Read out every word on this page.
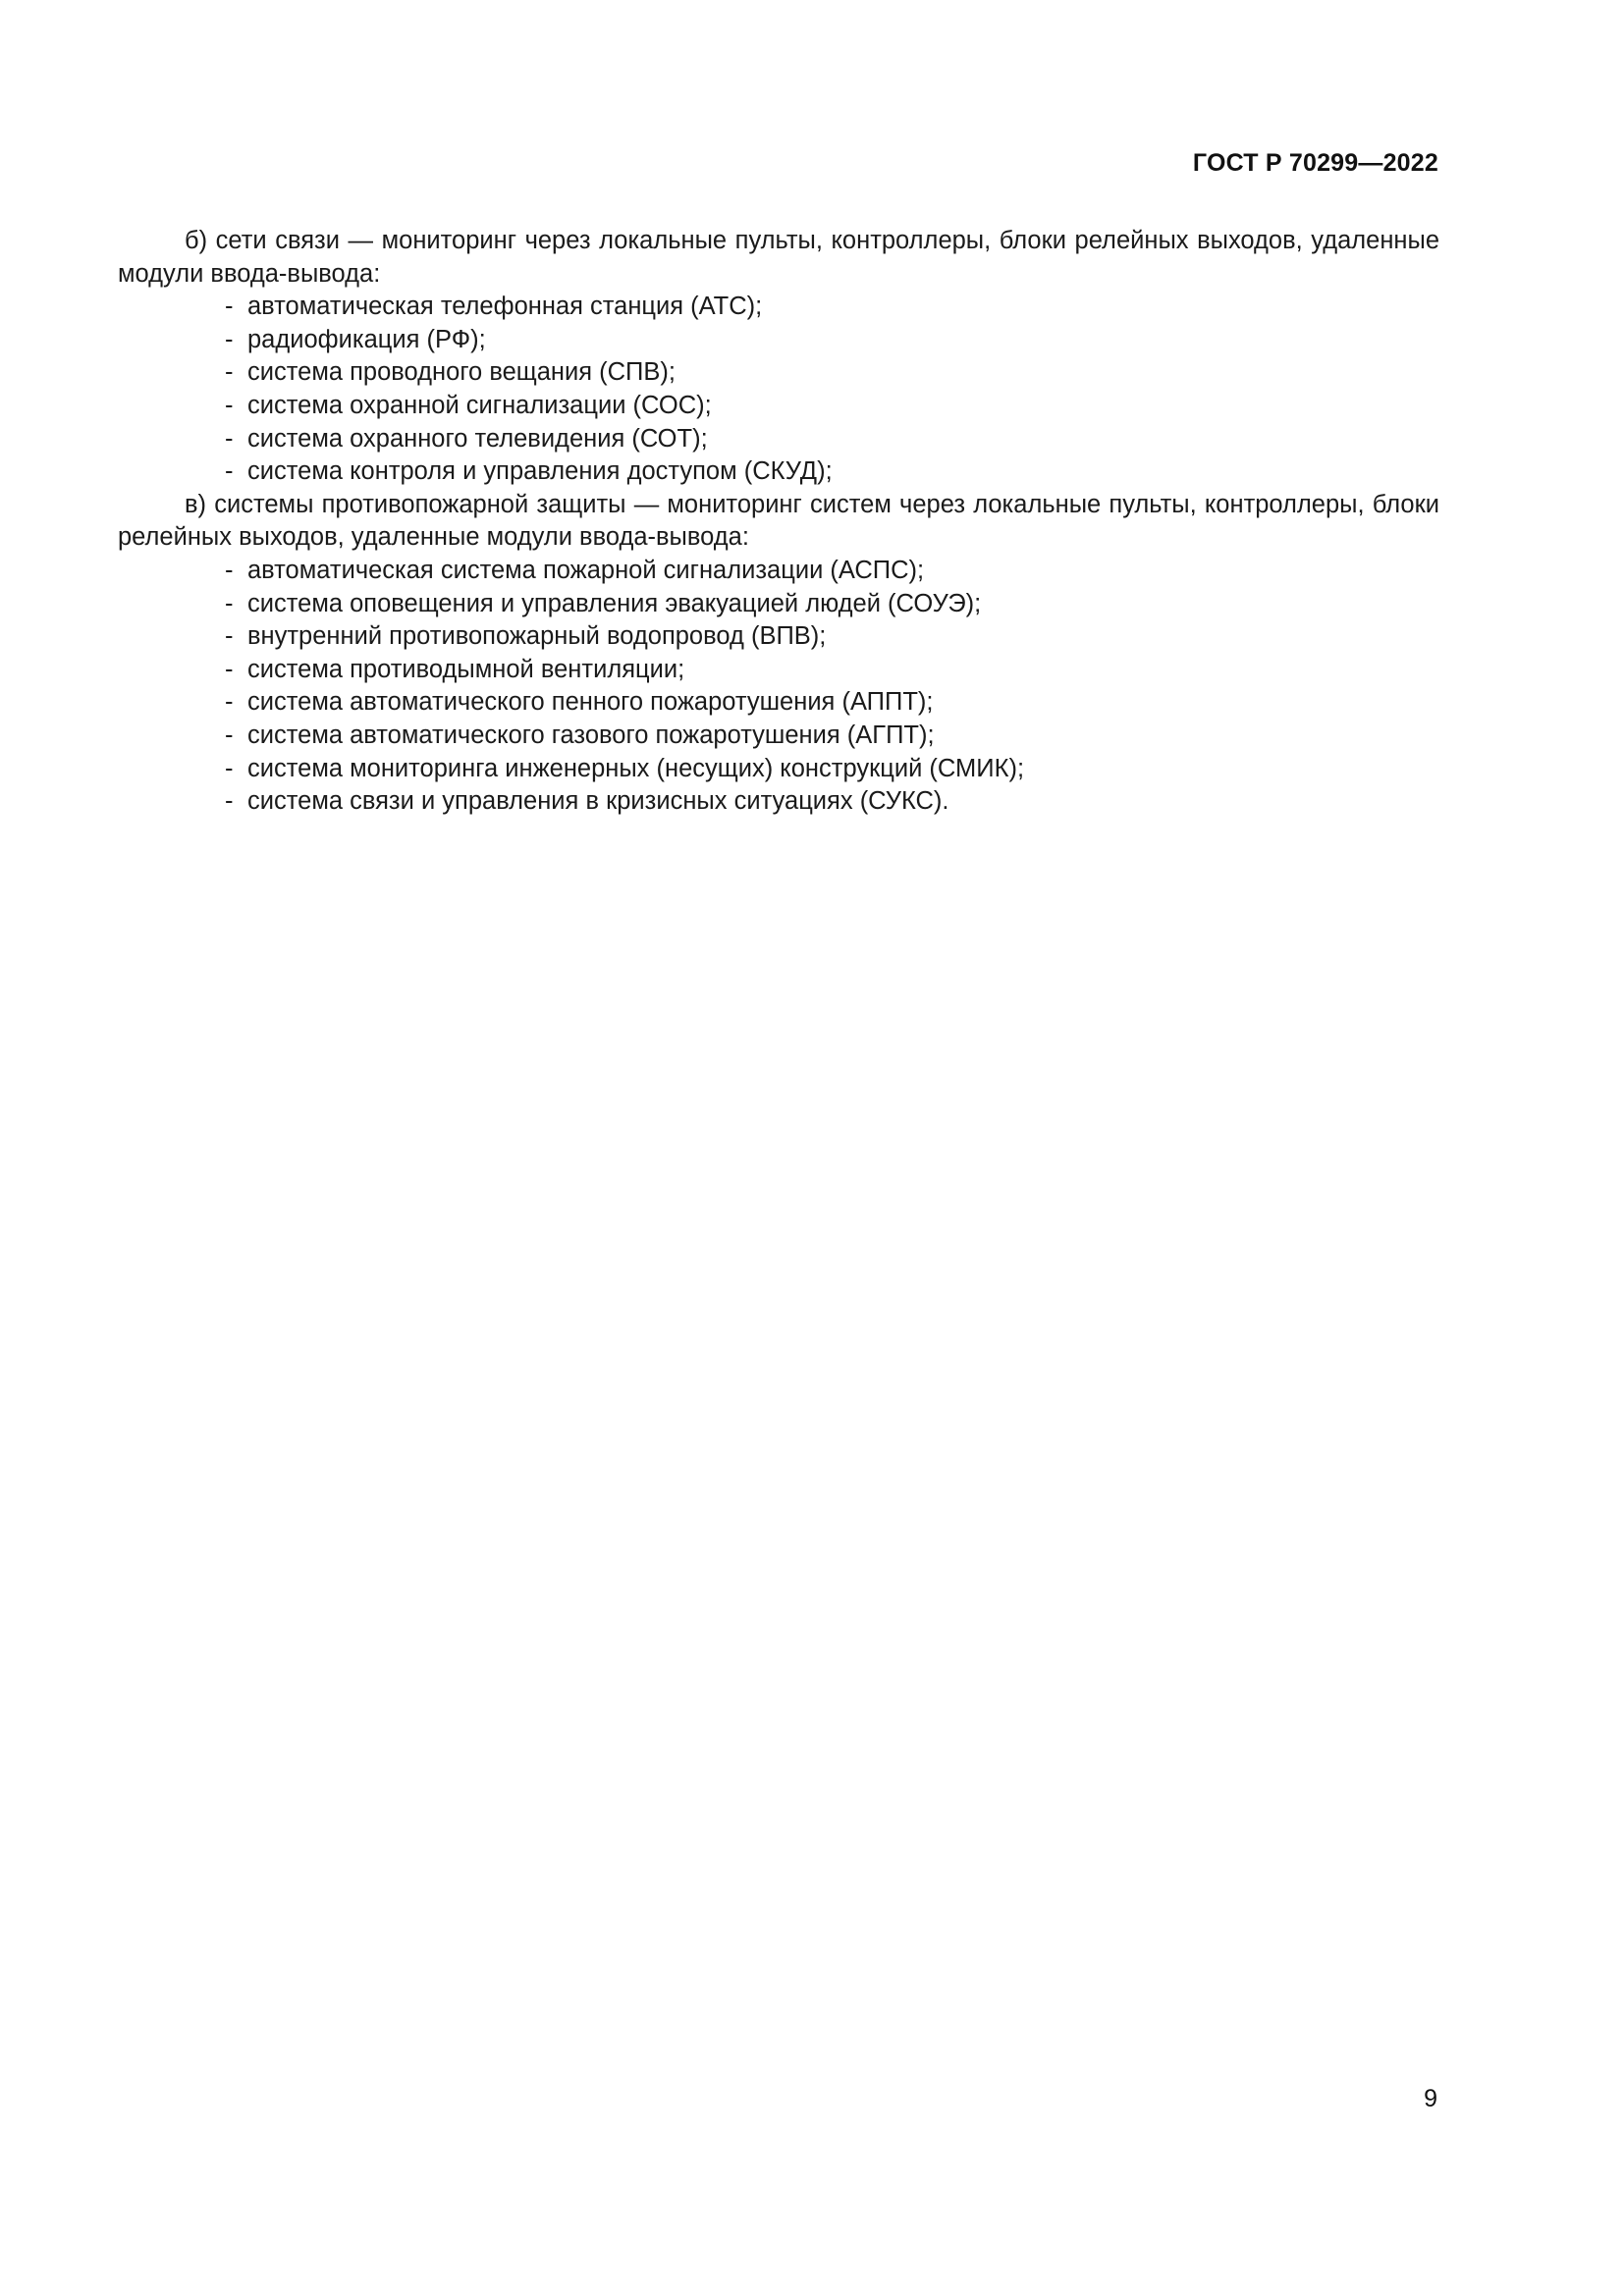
ГОСТ Р 70299—2022

б) сети связи — мониторинг через локальные пульты, контроллеры, блоки релейных выходов, удаленные модули ввода-вывода:

- автоматическая телефонная станция (АТС);
- радиофикация (РФ);
- система проводного вещания (СПВ);
- система охранной сигнализации (СОС);
- система охранного телевидения (СОТ);
- система контроля и управления доступом (СКУД);

в) системы противопожарной защиты — мониторинг систем через локальные пульты, контроллеры, блоки релейных выходов, удаленные модули ввода-вывода:

- автоматическая система пожарной сигнализации (АСПС);
- система оповещения и управления эвакуацией людей (СОУЭ);
- внутренний противопожарный водопровод (ВПВ);
- система противодымной вентиляции;
- система автоматического пенного пожаротушения (АППТ);
- система автоматического газового пожаротушения (АГПТ);
- система мониторинга инженерных (несущих) конструкций (СМИК);
- система связи и управления в кризисных ситуациях (СУКС).
9
